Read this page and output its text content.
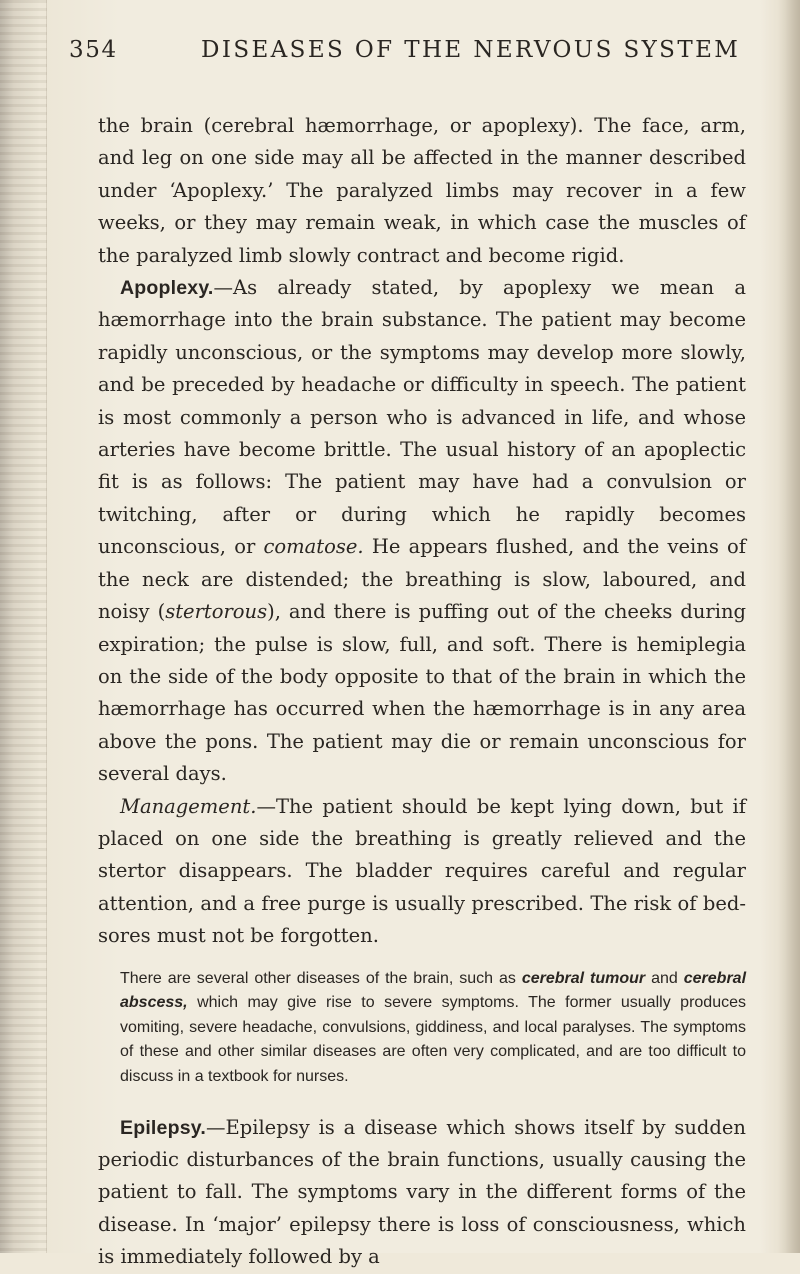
354	DISEASES OF THE NERVOUS SYSTEM

the brain (cerebral hæmorrhage, or apoplexy). The face, arm, and leg on one side may all be affected in the manner described under ‘Apoplexy.’ The paralyzed limbs may recover in a few weeks, or they may remain weak, in which case the muscles of the paralyzed limb slowly contract and become rigid.

Apoplexy.—As already stated, by apoplexy we mean a hæmorrhage into the brain substance. The patient may become rapidly unconscious, or the symptoms may develop more slowly, and be preceded by headache or difficulty in speech. The patient is most commonly a person who is advanced in life, and whose arteries have become brittle. The usual history of an apoplectic fit is as follows: The patient may have had a convulsion or twitching, after or during which he rapidly becomes unconscious, or comatose. He appears flushed, and the veins of the neck are distended; the breathing is slow, laboured, and noisy (stertorous), and there is puffing out of the cheeks during expiration; the pulse is slow, full, and soft. There is hemiplegia on the side of the body opposite to that of the brain in which the hæmorrhage has occurred when the hæmorrhage is in any area above the pons. The patient may die or remain unconscious for several days.

Management.—The patient should be kept lying down, but if placed on one side the breathing is greatly relieved and the stertor disappears. The bladder requires careful and regular attention, and a free purge is usually prescribed. The risk of bed-sores must not be forgotten.

There are several other diseases of the brain, such as cerebral tumour and cerebral abscess, which may give rise to severe symptoms. The former usually produces vomiting, severe headache, convulsions, giddiness, and local paralyses. The symptoms of these and other similar diseases are often very complicated, and are too difficult to discuss in a textbook for nurses.

Epilepsy.—Epilepsy is a disease which shows itself by sudden periodic disturbances of the brain functions, usually causing the patient to fall. The symptoms vary in the different forms of the disease. In ‘major’ epilepsy there is loss of consciousness, which is immediately followed by a
